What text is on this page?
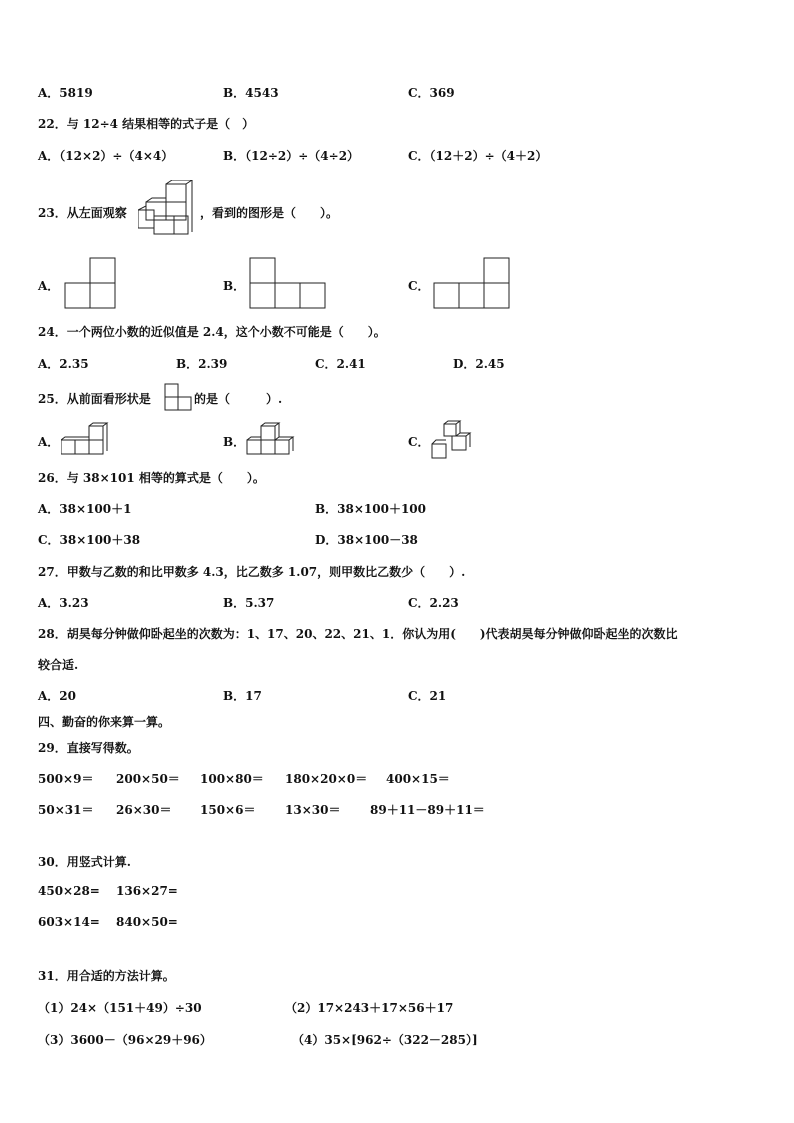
A．5819	B．4543	C．369
22．与 12÷4 结果相等的式子是（　）
A．（12×2）÷（4×4）	B．（12÷2）÷（4÷2）	C．（12＋2）÷（4＋2）
23．从左面观察	，看到的图形是（　　）。
A．	B．	C．
24．一个两位小数的近似值是 2.4，这个小数不可能是（　　）。
A．2.35	B．2.39	C．2.41	D．2.45
25．从前面看形状是	的是（　　　）.
A．	B．	C．
26．与 38×101 相等的算式是（　　）。
A．38×100＋1	B．38×100＋100
C．38×100＋38	D．38×100－38
27．甲数与乙数的和比甲数多 4.3，比乙数多 1.07，则甲数比乙数少（　　）.
A．3.23	B．5.37	C．2.23
28．胡昊每分钟做仰卧起坐的次数为：1、17、20、22、21、1．你认为用(　　)代表胡昊每分钟做仰卧起坐的次数比
较合适.
A．20	B．17	C．21
四、勤奋的你来算一算。
29．直接写得数。
500×9＝ 200×50＝ 100×80＝ 180×20×0＝ 400×15＝
50×31＝ 26×30＝ 150×6＝ 13×30＝ 89＋11－89＋11＝
30．用竖式计算.
450×28= 136×27=
603×14= 840×50=
31．用合适的方法计算。
（1）24×（151＋49）÷30	（2）17×243＋17×56＋17
（3）3600－（96×29＋96）	（4）35×[962÷（322－285）]
